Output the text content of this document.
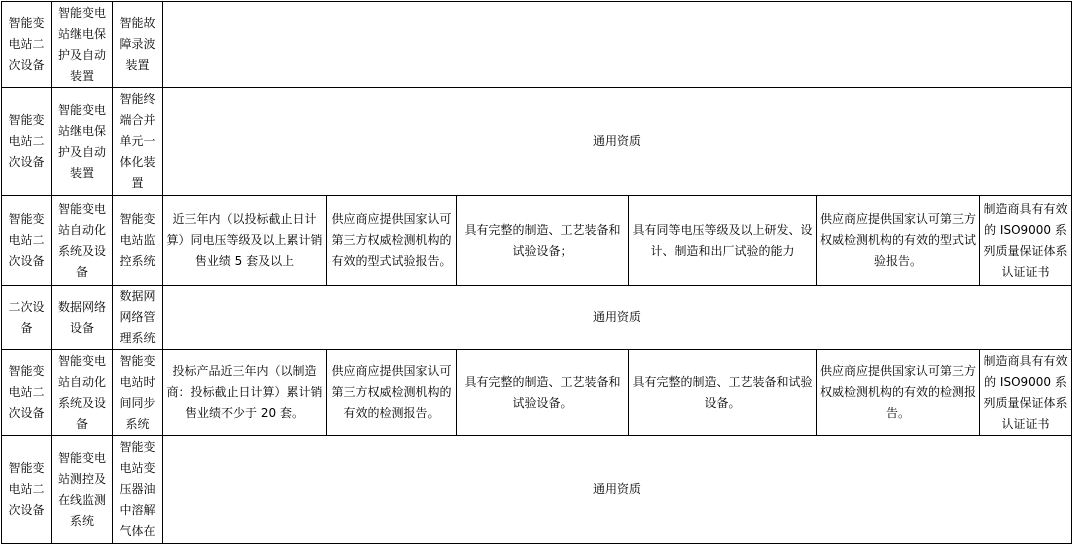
智能变电站二次设备	智能变电站继电保护及自动装置	智能故障录波装置						
智能变电站二次设备	智能变电站继电保护及自动装置	智能终端合并单元一体化装置	通用资质					
智能变电站二次设备	智能变电站自动化系统及设备	智能变电站监控系统	近三年内（以投标截止日计算）同电压等级及以上累计销售业绩 5 套及以上	供应商应提供国家认可第三方权威检测机构的有效的型式试验报告。	具有完整的制造、工艺装备和试验设备；	具有同等电压等级及以上研发、设计、制造和出厂试验的能力	供应商应提供国家认可第三方权威检测机构的有效的型式试验报告。	制造商具有有效的 ISO9000 系列质量保证体系认证证书
二次设备	数据网络设备	数据网网络管理系统	通用资质					
智能变电站二次设备	智能变电站自动化系统及设备	智能变电站时间同步系统	投标产品近三年内（以制造商：投标截止日计算）累计销售业绩不少于 20 套。	供应商应提供国家认可第三方权威检测机构的有效的检测报告。	具有完整的制造、工艺装备和试验设备。	具有完整的制造、工艺装备和试验设备。	供应商应提供国家认可第三方权威检测机构的有效的检测报告。	制造商具有有效的 ISO9000 系列质量保证体系认证证书
智能变电站二次设备	智能变电站测控及在线监测系统	智能变电站变压器油中溶解气体在	通用资质					
